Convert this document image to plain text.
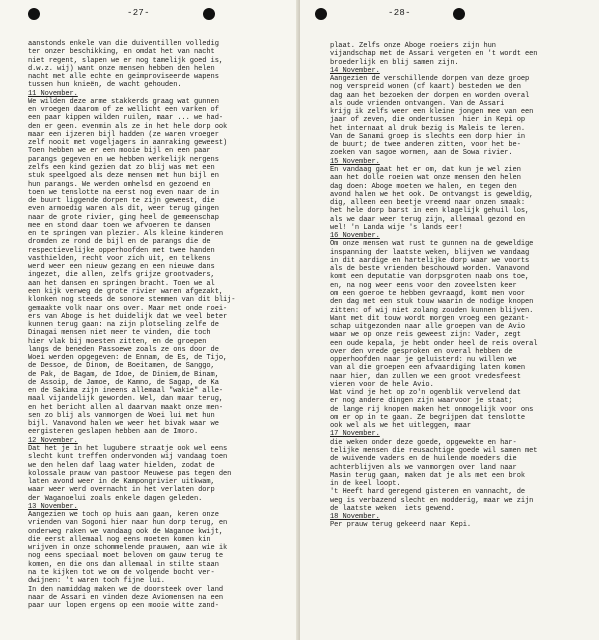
-27-
aanstonds enkele van die duiventillen volledig
ter onzer beschikking, en omdat het van nacht
niet regent, slapen we er nog tamelijk goed is,
d.w.z. wij) want onze mensen hebben den helen
nacht met alle echte en geimproviseerde wapens
tussen hun knieën, de wacht gehouden.
11 November.
We wilden deze arme stakkerds graag wat gunnen
en vroegen daarom of ze wellicht een varken of
een paar kippen wilden ruilen, maar ... we had-
den er geen. evenmin als ze in het hele dorp ook
maar een ijzeren bijl hadden (ze waren vroeger
zelf nooit met vogeljagers in aanraking geweest)
Toen hebben we er een mooie bijl en een paar
parangs gegeven en we hebben werkelijk nergens
zelfs een kind gezien dat zo blij was met een
stuk speelgoed als deze mensen met hun bijl en
hun parangs. We werden omhelsd en gezoend en
toen we tenslotte na eerst nog even naar de in
de buurt liggende dorpen te zijn geweest, die
even armoedig waren als dit, weer terug gingen
naar de grote rivier, ging heel de gemeenschap
mee en stond daar toen we afvoeren te dansen
en te springen van plezier. Als kleine kinderen
dromden ze rond de bijl en de parangs die de
respectievelijke opperhoofden met twee handen
vasthielden, recht voor zich uit, en telkens
werd weer een nieuw gezang en een nieuwe dans
ingezet, die allen, zelfs grijze grootvaders,
aan het dansen en springen bracht. Toen we al
een kijk verweg de grote rivier waren afgezakt,
klonken nog steeds de sonore stemmen van dit blij-
gemaakte volk naar ons over. Maar met onde roei-
ers van Aboge is het duidelijk dat we veel beter
kunnen terug gaan: na zijn plotseling zelfe de
Dinagai mensen niet meer te vinden, die toch
hier vlak bij moesten zitten, en de groepen
langs de beneden Passoewe zoals ze ons door de
Woei werden opgegeven: de Ennam, de Es, de Tijo,
de Dessoe, de Dinom, de Boeitamen, de Sanggo,
de Pak, de Bagam, de Idoe, de Diniem,de Binam,
de Assoip, de Jamoe, de Kamno, de Sagap, de Ka
en de Sakima zijn ineens allemaal "wakie" alle-
maal vijandelijk geworden. Wel, dan maar terug,
en het bericht allen al daarvan maakt onze men-
sen zo blij als vanmorgen de Woei lui met hun
bijl. Vanavond halen we weer het bivak waar we
eergisteren geslapen hebben aan de Imoro.
12 November.
Dat het je in het lugubere straatje ook wel eens
slecht kunt treffen ondervonden wij vandaag toen
we den helen daf laag water hielden, zodat de
kolossale prauw van pastoor Meuwese pas tegen den
laten avond weer in de Kampongrivier uitkwam,
waar weer werd overnacht in het verlaten dorp
der Waganoelui zoals enkele dagen geleden.
13 November.
Aangezien we toch op huis aan gaan, keren onze
vrienden van Sogoni hier naar hun dorp terug, en
onderweg raken we vandaag ook de Waganoe kwijt,
die eerst allemaal nog eens moeten komen kin
wrijven in onze schommelende prauwen, aan wie ik
nog eens speciaal moet beloven om gauw terug te
komen, en die ons dan allemaal in stilte staan
na te kijken tot we om de volgende bocht ver-
dwijnen: 't waren toch fijne lui.
In den namiddag maken we de doorsteek over land
naar de Assari en vinden deze Aviomensen na een
paar uur lopen ergens op een mooie witte zand-
-28-
plaat. Zelfs onze Aboge roeiers zijn hun
vijandschap met de Assari vergeten en 't wordt een
broederlijk en blij samen zijn.
14 November.
Aangezien de verschillende dorpen van deze groep
nog verspreid wonen (cf kaart) besteden we den
dag aan het bezoeken der dorpen en worden overal
als oude vrienden ontvangen. Van de Assari
krijg ik zelfs weer een kleine jongen mee van een
jaar of zeven, die ondertussen  hier in Kepi op
het internaat al druk bezig is Maleis te leren.
Van de Sanami groep is slechts een dorp hier in
de buurt; de twee anderen zitten, voor het be-
zoeken van sagoe wormen, aan de Sowa rivier.
15 November.
En vandaag gaat het er om, dat kun je wel zien
aan het dolle roeien wat onze mensen den helen
dag doen: Aboge moeten we halen, en tegen den
avond halen we het ook. De ontvangst is geweldig,
dig, alleen een beetje vreemd naar onzen smaak:
het hele dorp barst in een klagelijk gehuil los,
als we daar weer terug zijn, allemaal gezond en
wel! 'n Landa wije 's lands eer!
16 November.
Om onze mensen wat rust te gunnen na de geweldige
inspanning der laatste weken, blijven we vandaag
in dit aardige en hartelijke dorp waar we voorts
als de beste vrienden beschouwd worden. Vanavond
komt een deputatie van dorpsgroten naab ons toe,
en, na nog weer eens voor den zoveelsten keer
om een goeroe te hebben gevraagd, komt men voor
den dag met een stuk touw waarin de nodige knopen
zitten: of wij niet zolang zouden kunnen blijven.
Want met dit touw wordt morgen vroeg een gezant-
schap uitgezonden naar alle groepen van de Avio
waar we op onze reis geweest zijn: Vader, zegt
een oude kepala, je hebt onder heel de reis overal
over den vrede gesproken en overal hebben de
opperhoofden naar je geluisterd: nu willen we
van al die groepen een afvaardiging laten komen
naar hier, dan zullen we een groot vredesfeest
vieren voor de hele Avio.
Wat vind je het op zo'n ogenblik vervelend dat
er nog andere dingen zijn waarvoor je staat;
de lange rij knopen maken het onmogelijk voor ons
om er op in te gaan. Ze begrijpen dat tenslotte
ook wel als we het uitleggen, maar
17 November.
die weken onder deze goede, opgewekte en har-
telijke mensen die reusachtige goede wil samen met
de wuivende vaders en de huilende moeders die
achterblijven als we vanmorgen over land naar
Masin terug gaan, maken dat je als met een brok
in de keel loopt.
't Heeft hard geregend gisteren en vannacht, de
weg is verbazend slecht en modderig, maar we zijn
de laatste weken  iets gewend.
18 November.
Per prauw terug gekeerd naar Kepi.
